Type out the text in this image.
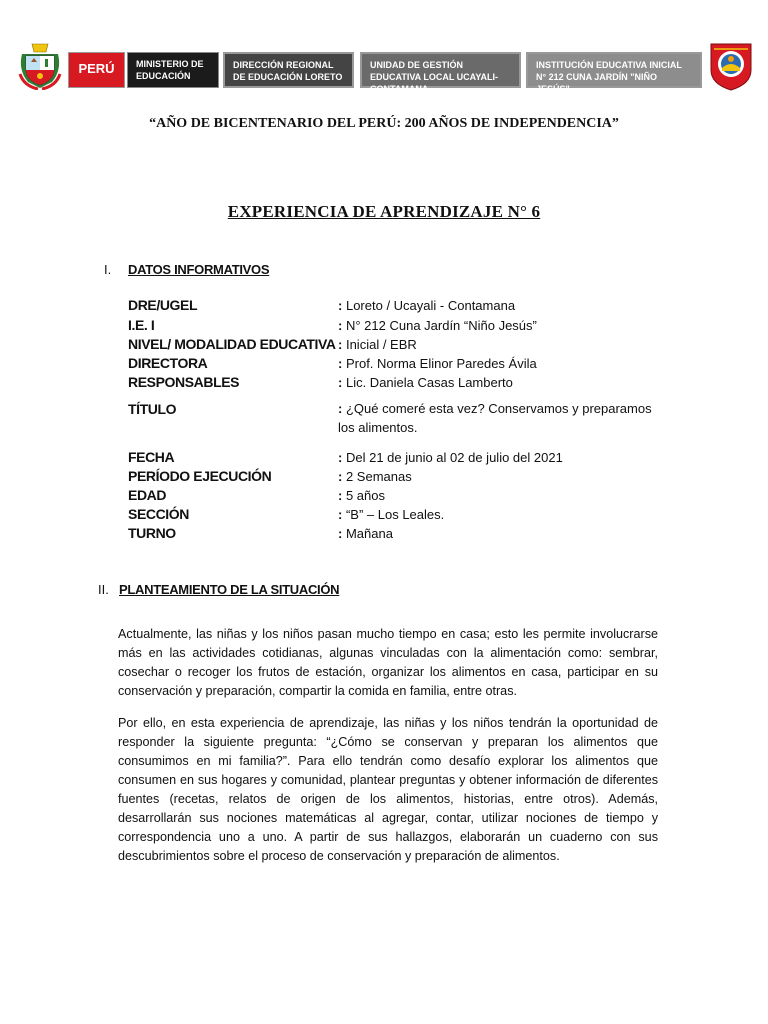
PERÚ	MINISTERIO DE EDUCACIÓN
DIRECCIÓN REGIONAL DE EDUCACIÓN LORETO
UNIDAD DE GESTIÓN EDUCATIVA LOCAL UCAYALI- CONTAMANA
INSTITUCIÓN EDUCATIVA INICIAL N° 212 CUNA JARDÍN "NIÑO JESÚS"
“AÑO DE BICENTENARIO DEL PERÚ: 200 AÑOS DE INDEPENDENCIA”
EXPERIENCIA DE APRENDIZAJE N° 6
I. DATOS INFORMATIVOS
DRE/UGEL	: Loreto / Ucayali - Contamana
I.E. I	: N° 212 Cuna Jardín “Niño Jesús”
NIVEL/ MODALIDAD EDUCATIVA : Inicial / EBR
DIRECTORA	: Prof. Norma Elinor Paredes Ávila
RESPONSABLES	: Lic. Daniela Casas Lamberto
TÍTULO	: ¿Qué comeré esta vez? Conservamos y preparamos los alimentos.
FECHA	: Del 21 de junio al 02 de julio del 2021
PERÍODO EJECUCIÓN	: 2 Semanas
EDAD	: 5 años
SECCIÓN	: “B” – Los Leales.
TURNO	: Mañana
II. PLANTEAMIENTO DE LA SITUACIÓN
Actualmente, las niñas y los niños pasan mucho tiempo en casa; esto les permite involucrarse más en las actividades cotidianas, algunas vinculadas con la alimentación como: sembrar, cosechar o recoger los frutos de estación, organizar los alimentos en casa, participar en su conservación y preparación, compartir la comida en familia, entre otras.
Por ello, en esta experiencia de aprendizaje, las niñas y los niños tendrán la oportunidad de responder la siguiente pregunta: “¿Cómo se conservan y preparan los alimentos que consumimos en mi familia?”. Para ello tendrán como desafío explorar los alimentos que consumen en sus hogares y comunidad, plantear preguntas y obtener información de diferentes fuentes (recetas, relatos de origen de los alimentos, historias, entre otros). Además, desarrollarán sus nociones matemáticas al agregar, contar, utilizar nociones de tiempo y correspondencia uno a uno. A partir de sus hallazgos, elaborarán un cuaderno con sus descubrimientos sobre el proceso de conservación y preparación de alimentos.
